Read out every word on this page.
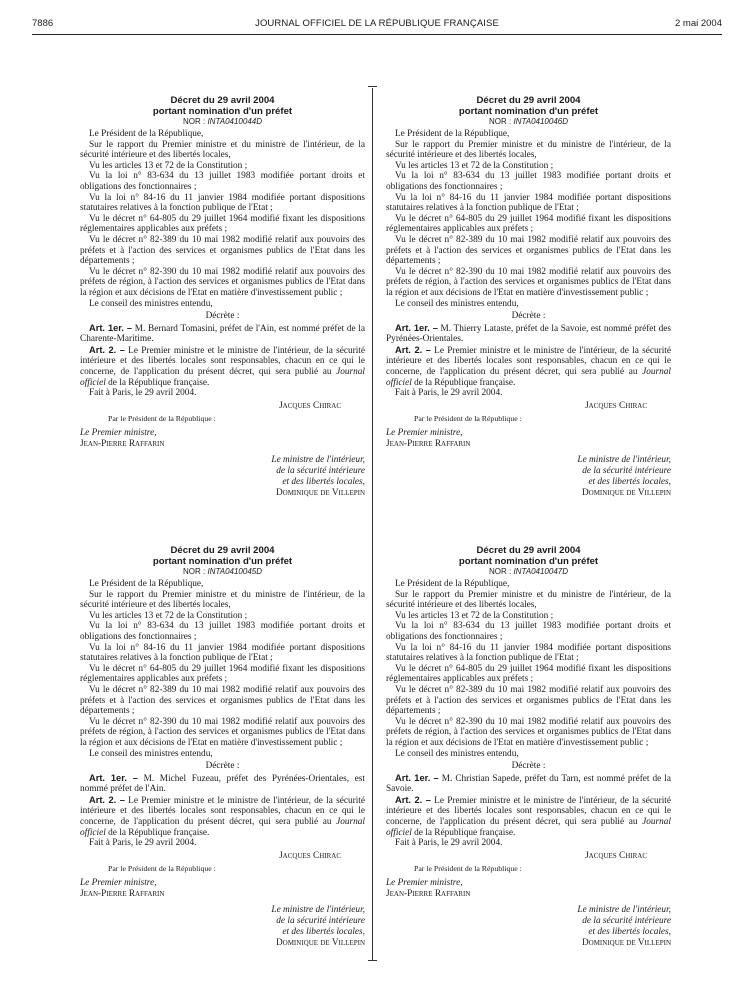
7886	JOURNAL OFFICIEL DE LA RÉPUBLIQUE FRANÇAISE	2 mai 2004
Décret du 29 avril 2004
portant nomination d'un préfet
NOR : INTA0410044D

Le Président de la République,

Sur le rapport du Premier ministre et du ministre de l'intérieur, de la sécurité intérieure et des libertés locales,

Vu les articles 13 et 72 de la Constitution ;

Vu la loi n° 83-634 du 13 juillet 1983 modifiée portant droits et obligations des fonctionnaires ;

Vu la loi n° 84-16 du 11 janvier 1984 modifiée portant dispositions statutaires relatives à la fonction publique de l'Etat ;

Vu le décret n° 64-805 du 29 juillet 1964 modifié fixant les dispositions réglementaires applicables aux préfets ;

Vu le décret n° 82-389 du 10 mai 1982 modifié relatif aux pouvoirs des préfets et à l'action des services et organismes publics de l'Etat dans les départements ;

Vu le décret n° 82-390 du 10 mai 1982 modifié relatif aux pouvoirs des préfets de région, à l'action des services et organismes publics de l'Etat dans la région et aux décisions de l'Etat en matière d'investissement public ;

Le conseil des ministres entendu,

Décrète :

Art. 1er. – M. Bernard Tomasini, préfet de l'Ain, est nommé préfet de la Charente-Maritime.

Art. 2. – Le Premier ministre et le ministre de l'intérieur, de la sécurité intérieure et des libertés locales sont responsables, chacun en ce qui le concerne, de l'application du présent décret, qui sera publié au Journal officiel de la République française.

Fait à Paris, le 29 avril 2004.

Jacques Chirac
Par le Président de la République :
Le Premier ministre,
Jean-Pierre Raffarin
Le ministre de l'intérieur,
de la sécurité intérieure
et des libertés locales,
Dominique de Villepin
Décret du 29 avril 2004
portant nomination d'un préfet
NOR : INTA0410046D

Le Président de la République,

Sur le rapport du Premier ministre et du ministre de l'intérieur, de la sécurité intérieure et des libertés locales,

Vu les articles 13 et 72 de la Constitution ;

Vu la loi n° 83-634 du 13 juillet 1983 modifiée portant droits et obligations des fonctionnaires ;

Vu la loi n° 84-16 du 11 janvier 1984 modifiée portant dispositions statutaires relatives à la fonction publique de l'Etat ;

Vu le décret n° 64-805 du 29 juillet 1964 modifié fixant les dispositions réglementaires applicables aux préfets ;

Vu le décret n° 82-389 du 10 mai 1982 modifié relatif aux pouvoirs des préfets et à l'action des services et organismes publics de l'Etat dans les départements ;

Vu le décret n° 82-390 du 10 mai 1982 modifié relatif aux pouvoirs des préfets de région, à l'action des services et organismes publics de l'Etat dans la région et aux décisions de l'Etat en matière d'investissement public ;

Le conseil des ministres entendu,

Décrète :

Art. 1er. – M. Thierry Lataste, préfet de la Savoie, est nommé préfet des Pyrénées-Orientales.

Art. 2. – Le Premier ministre et le ministre de l'intérieur, de la sécurité intérieure et des libertés locales sont responsables, chacun en ce qui le concerne, de l'application du présent décret, qui sera publié au Journal officiel de la République française.

Fait à Paris, le 29 avril 2004.

Jacques Chirac
Par le Président de la République :
Le Premier ministre,
Jean-Pierre Raffarin
Le ministre de l'intérieur,
de la sécurité intérieure
et des libertés locales,
Dominique de Villepin
Décret du 29 avril 2004
portant nomination d'un préfet
NOR : INTA0410045D

Le Président de la République,

Sur le rapport du Premier ministre et du ministre de l'intérieur, de la sécurité intérieure et des libertés locales,

Vu les articles 13 et 72 de la Constitution ;

Vu la loi n° 83-634 du 13 juillet 1983 modifiée portant droits et obligations des fonctionnaires ;

Vu la loi n° 84-16 du 11 janvier 1984 modifiée portant dispositions statutaires relatives à la fonction publique de l'Etat ;

Vu le décret n° 64-805 du 29 juillet 1964 modifié fixant les dispositions réglementaires applicables aux préfets ;

Vu le décret n° 82-389 du 10 mai 1982 modifié relatif aux pouvoirs des préfets et à l'action des services et organismes publics de l'Etat dans les départements ;

Vu le décret n° 82-390 du 10 mai 1982 modifié relatif aux pouvoirs des préfets de région, à l'action des services et organismes publics de l'Etat dans la région et aux décisions de l'Etat en matière d'investissement public ;

Le conseil des ministres entendu,

Décrète :

Art. 1er. – M. Michel Fuzeau, préfet des Pyrénées-Orientales, est nommé préfet de l'Ain.

Art. 2. – Le Premier ministre et le ministre de l'intérieur, de la sécurité intérieure et des libertés locales sont responsables, chacun en ce qui le concerne, de l'application du présent décret, qui sera publié au Journal officiel de la République française.

Fait à Paris, le 29 avril 2004.

Jacques Chirac
Par le Président de la République :
Le Premier ministre,
Jean-Pierre Raffarin
Le ministre de l'intérieur,
de la sécurité intérieure
et des libertés locales,
Dominique de Villepin
Décret du 29 avril 2004
portant nomination d'un préfet
NOR : INTA0410047D

Le Président de la République,

Sur le rapport du Premier ministre et du ministre de l'intérieur, de la sécurité intérieure et des libertés locales,

Vu les articles 13 et 72 de la Constitution ;

Vu la loi n° 83-634 du 13 juillet 1983 modifiée portant droits et obligations des fonctionnaires ;

Vu la loi n° 84-16 du 11 janvier 1984 modifiée portant dispositions statutaires relatives à la fonction publique de l'Etat ;

Vu le décret n° 64-805 du 29 juillet 1964 modifié fixant les dispositions réglementaires applicables aux préfets ;

Vu le décret n° 82-389 du 10 mai 1982 modifié relatif aux pouvoirs des préfets et à l'action des services et organismes publics de l'Etat dans les départements ;

Vu le décret n° 82-390 du 10 mai 1982 modifié relatif aux pouvoirs des préfets de région, à l'action des services et organismes publics de l'Etat dans la région et aux décisions de l'Etat en matière d'investissement public ;

Le conseil des ministres entendu,

Décrète :

Art. 1er. – M. Christian Sapede, préfet du Tarn, est nommé préfet de la Savoie.

Art. 2. – Le Premier ministre et le ministre de l'intérieur, de la sécurité intérieure et des libertés locales sont responsables, chacun en ce qui le concerne, de l'application du présent décret, qui sera publié au Journal officiel de la République française.

Fait à Paris, le 29 avril 2004.

Jacques Chirac
Par le Président de la République :
Le Premier ministre,
Jean-Pierre Raffarin
Le ministre de l'intérieur,
de la sécurité intérieure
et des libertés locales,
Dominique de Villepin
